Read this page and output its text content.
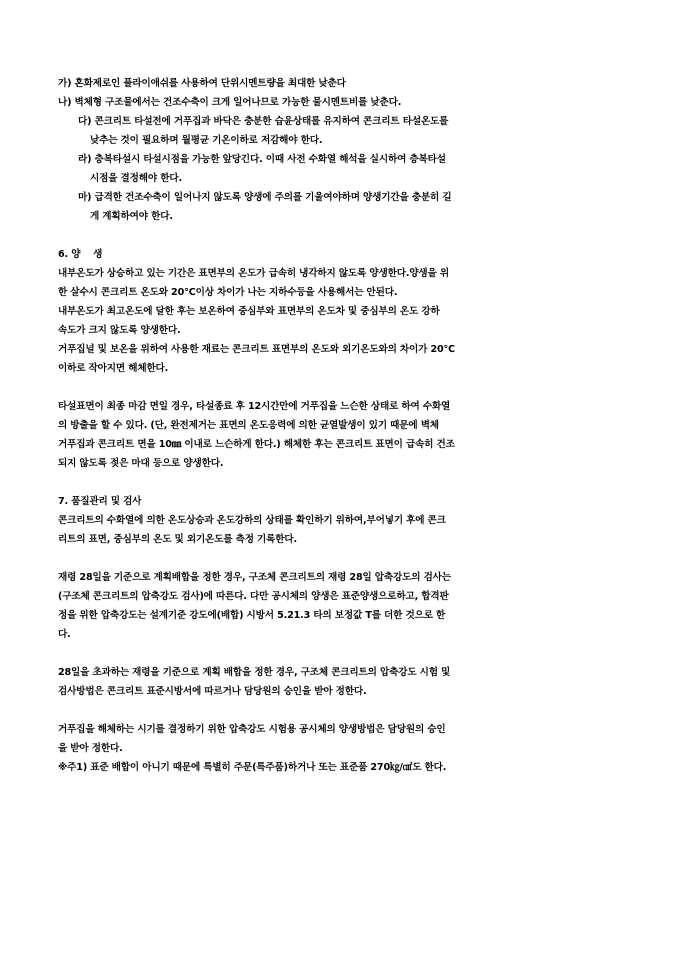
가) 혼화제로인 플라이애쉬를 사용하여 단위시멘트량을 최대한 낮춘다
나) 벽체형 구조물에서는 건조수축이 크게 일어나므로 가능한 물시멘트비를 낮춘다.
다) 콘크리트 타설전에 거푸집과 바닥은 충분한 습윤상태를 유지하여 콘크리트 타설온도를
낮추는 것이 필요하며 월평균 기온이하로 저감해야 한다.
라) 층복타설시 타설시점을 가능한 앞당긴다. 이때 사전 수화열 해석을 실시하여 층복타설
시점을 결정해야 한다.
마) 급격한 건조수축이 일어나지 않도록 양생에 주의를 기울여야하며 양생기간을 충분히 길
게 계획하여야 한다.
6. 양    생
내부온도가 상승하고 있는 기간은 표면부의 온도가 급속히 냉각하지 않도록 양생한다.양생을 위
한 살수시 콘크리트 온도와 20℃이상 차이가 나는 지하수등을 사용해서는 안된다.
내부온도가 최고온도에 달한 후는 보온하여 중심부와 표면부의 온도차 및 중심부의 온도 강하
속도가 크지 않도록 양생한다.
거푸집널 및 보온을 위하여 사용한 재료는 콘크리트 표면부의 온도와 외기온도와의 차이가 20℃
이하로 작아지면 해체한다.
타설표면이 최종 마감 면일 경우, 타설종료 후 12시간만에 거푸집을 느슨한 상태로 하여 수화열
의 방출을 할 수 있다. (단, 완전제거는 표면의 온도응력에 의한 균열발생이 있기 때문에 벽체
거푸집과 콘크리트 면을 10㎜ 이내로 느슨하게 한다.) 해체한 후는 콘크리트 표면이 급속히 건조
되지 않도록 젖은 마대 등으로 양생한다.
7. 품질관리 및 검사
콘크리트의 수화열에 의한 온도상승과 온도강하의 상태를 확인하기 위하여,부어넣기 후에 콘크
리트의 표면, 중심부의 온도 및 외기온도를 측정 기록한다.
재령 28일을 기준으로 계획배합을 정한 경우, 구조체 콘크리트의 재령 28일 압축강도의 검사는
(구조체 콘크리트의 압축강도 검사)에 따른다. 다만 공시체의 양생은 표준양생으로하고, 합격판
정을 위한 압축강도는 설계기준 강도에(배합) 시방서 5.21.3 타의 보정값 T를 더한 것으로 한
다.
28일을 초과하는 재령을 기준으로 계획 배합을 정한 경우, 구조체 콘크리트의 압축강도 시험 및
검사방법은 콘크리트 표준시방서에 따르거나 담당원의 승인을 받아 정한다.
거푸집을 해체하는 시기를 결정하기 위한 압축강도 시험용 공시체의 양생방법은 담당원의 승인
을 받아 정한다.
※주1) 표준 배합이 아니기 때문에 특별히 주문(특주품)하거나 또는 표준품 270㎏/㎠도 한다.
